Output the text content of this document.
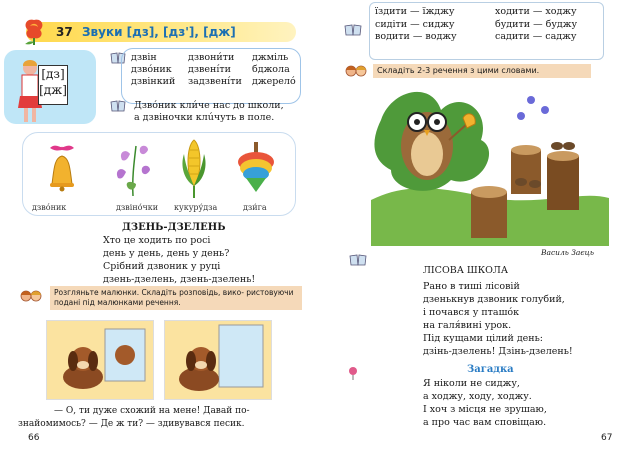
37 Звуки [дз], [дз'], [дж]
[дз]
[дж]
дзвін
дзвóник
дзвінкий
дзвони́ти
дзвені́ти
задзвені́ти
джміль
бджола
джерело́
Дзвóник кли́че нас до школи,
а дзвіночки клúчуть в поле.
дзвóник	дзвіно́чки кукуру́дза	дзи́га
ДЗЕНЬ-ДЗЕЛЕНЬ
Хто це ходить по росі
день у день, день у день?
Срібний дзвоник у руці
дзень-дзелень, дзень-дзелень!
Розгляньте малюнки. Складіть розповідь, вико- ристовуючи подані під малюнками речення.
— О, ти дуже схожий на мене! Давай по-
знайомимось? — Де ж ти? — здивувався песик.
66
їздити — їжджу
сидіти — сиджу
водити — воджу
ходити — ходжу
будити — буджу
садити — саджу
Складіть 2-3 речення з цими словами.
Василь Заєць
ЛІСОВА ШКОЛА
Рано в тиші лісовій
дзенькнув дзвоник голубий,
і почався у пташóк
на галя́вині урок.
Під кущами цілий день:
дзінь-дзелень! Дзінь-дзелень!
Загадка
Я ніколи не сиджу,
а ходжу, ходу, ходжу.
І хоч з місця не зрушаю,
а про час вам сповіщаю.
67
